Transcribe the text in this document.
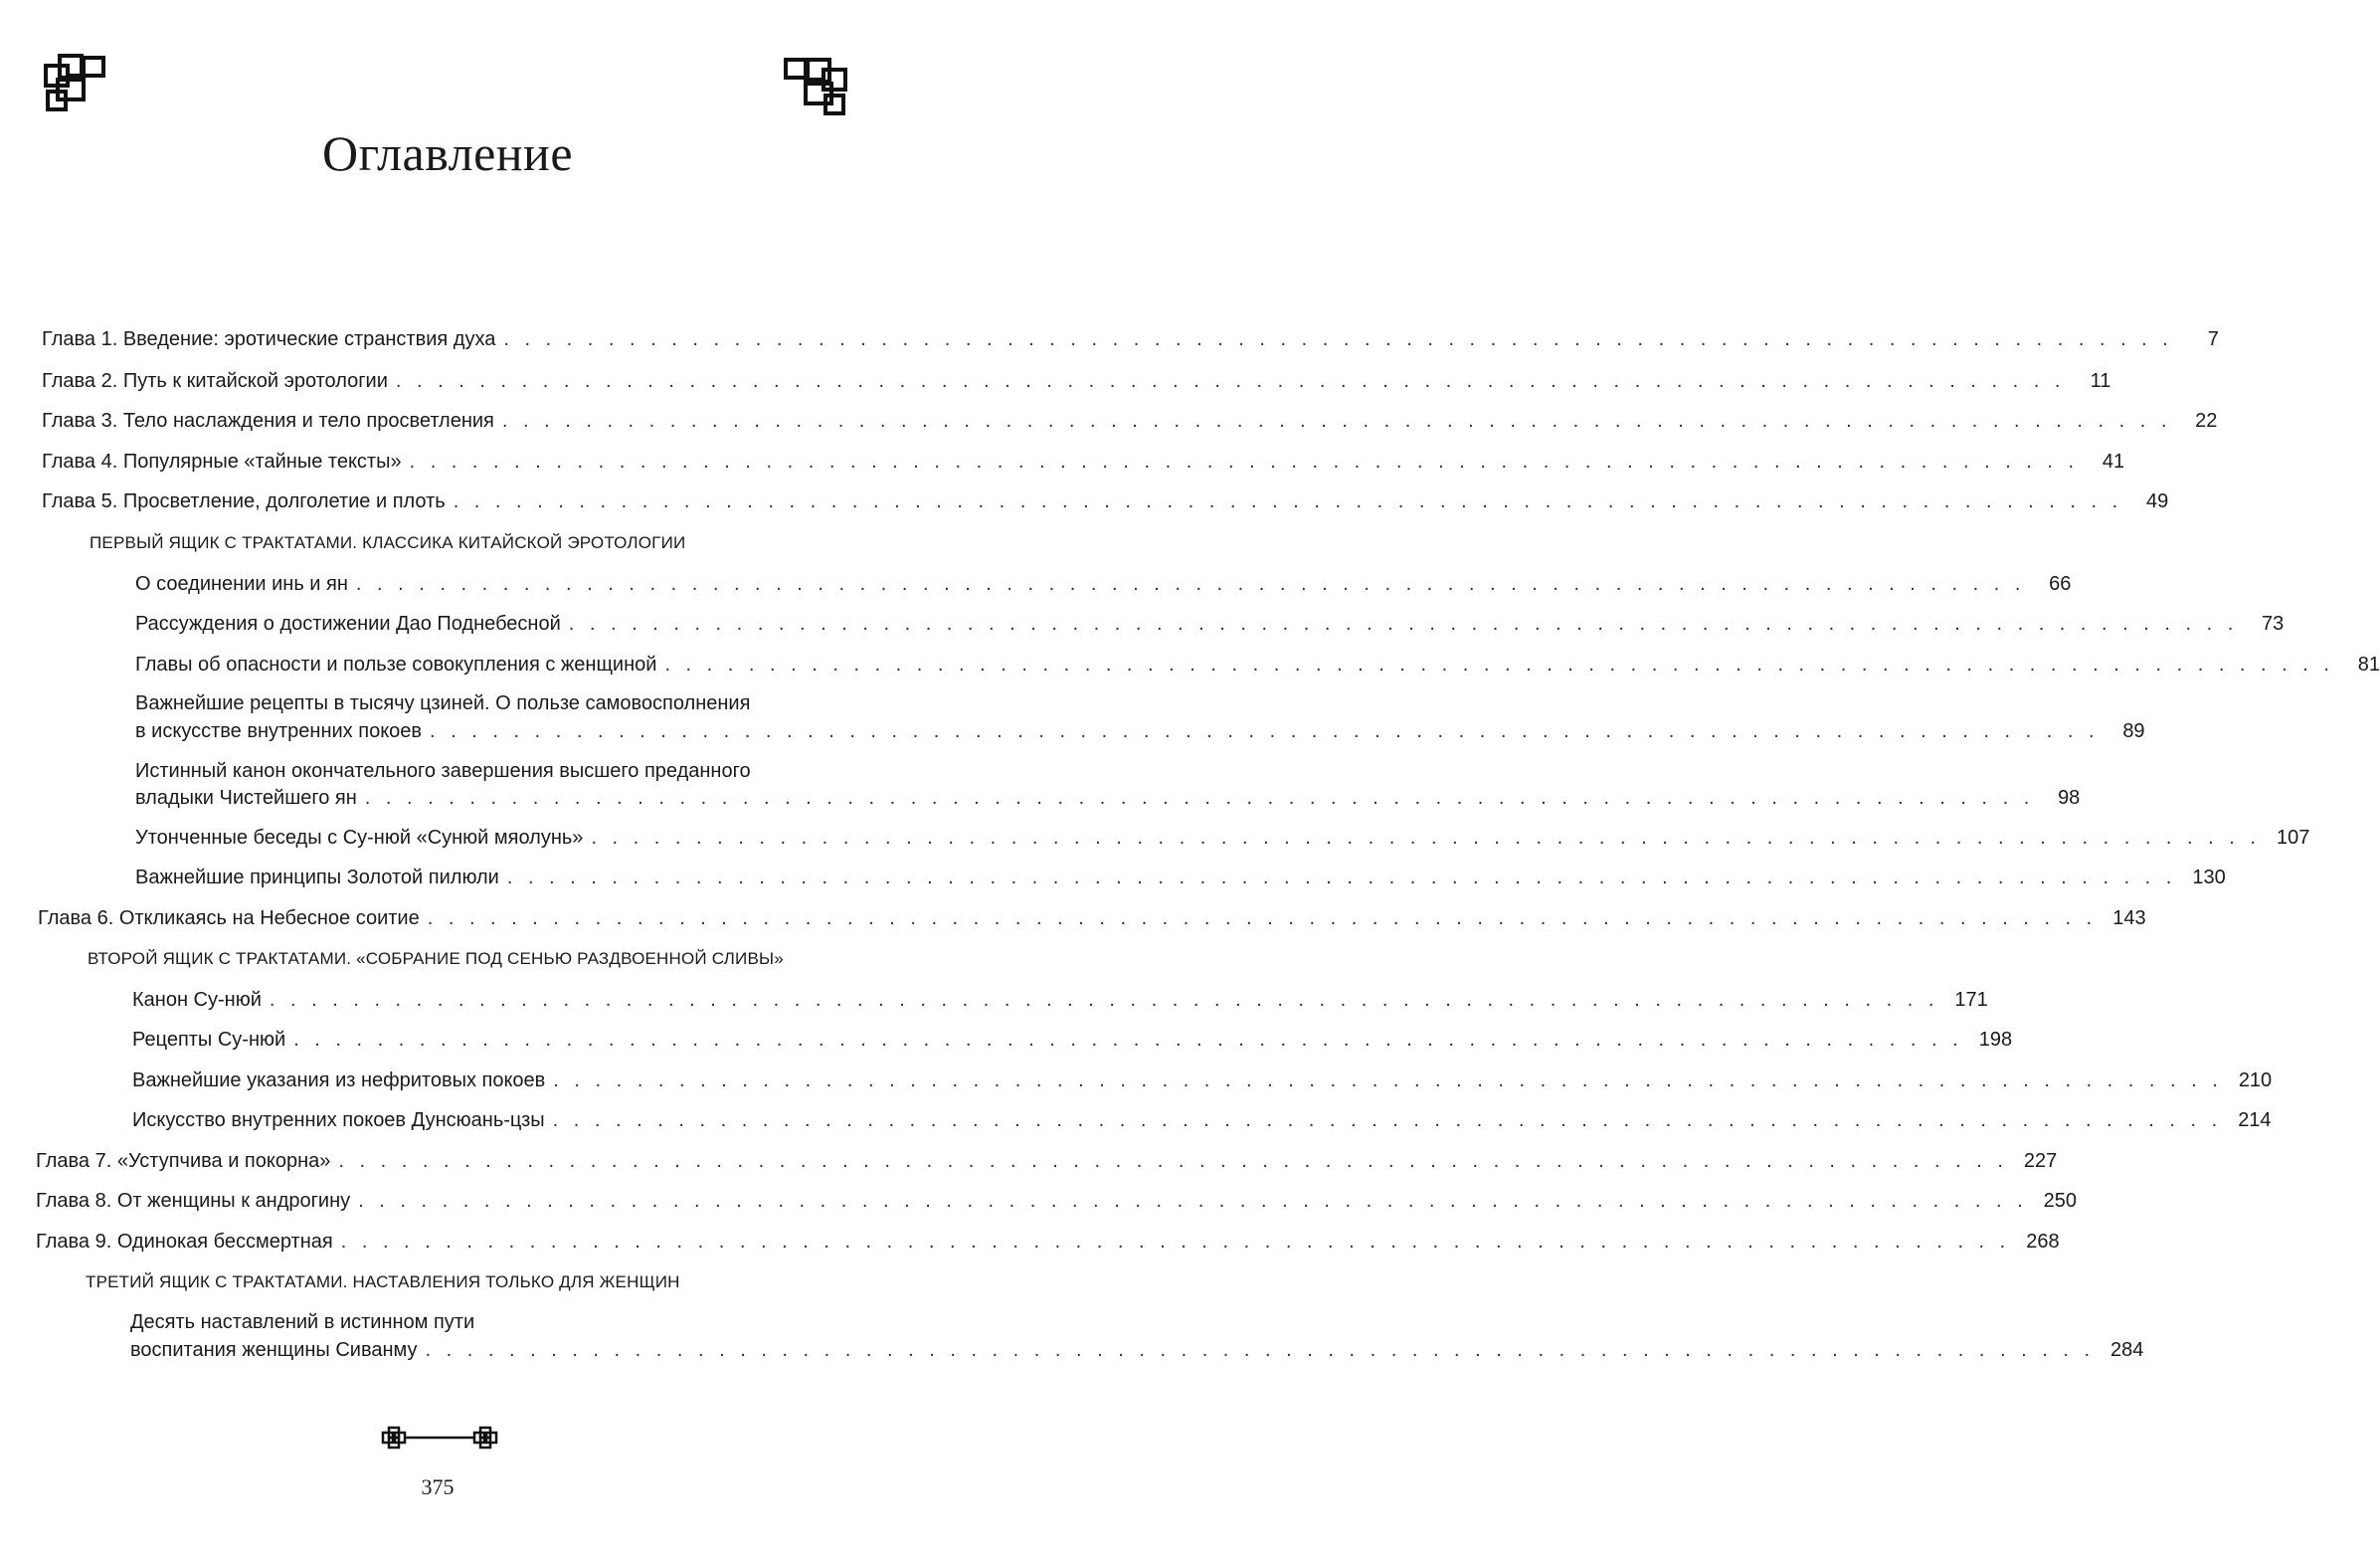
Оглавление
Глава 1. Введение: эротические странствия духа . . . . . . . . . . . . . . . . . . . . . . . . . . . . . . . . . . . . . . . . . . . . . . . . . . . . . . . . . . . . . . . . . . . . . . . . . . . . . . . .	7
Глава 2. Путь к китайской эротологии . . . . . . . . . . . . . . . . . . . . . . . . . . . . . . . . . . . . . . . . . . . . . . . . . . . . . . . . . . . . . . . . . . . . . . . . . . . . . . . .	11
Глава 3. Тело наслаждения и тело просветления . . . . . . . . . . . . . . . . . . . . . . . . . . . . . . . . . . . . . . . . . . . . . . . . . . . . . . . . . . . . . . . . . . . . . . . . . . . . . . . .	22
Глава 4. Популярные «тайные тексты» . . . . . . . . . . . . . . . . . . . . . . . . . . . . . . . . . . . . . . . . . . . . . . . . . . . . . . . . . . . . . . . . . . . . . . . . . . . . . . . .	41
Глава 5. Просветление, долголетие и плоть . . . . . . . . . . . . . . . . . . . . . . . . . . . . . . . . . . . . . . . . . . . . . . . . . . . . . . . . . . . . . . . . . . . . . . . . . . . . . . . .	49
ПЕРВЫЙ ЯЩИК С ТРАКТАТАМИ. КЛАССИКА КИТАЙСКОЙ ЭРОТОЛОГИИ
О соединении инь и ян . . . . . . . . . . . . . . . . . . . . . . . . . . . . . . . . . . . . . . . . . . . . . . . . . . . . . . . . . . . . . . . . . . . . . . . . . . . . . . . .	66
Рассуждения о достижении Дао Поднебесной . . . . . . . . . . . . . . . . . . . . . . . . . . . . . . . . . . . . . . . . . . . . . . . . . . . . . . . . . . . . . . . . . . . . . . . . . . . . . . . .	73
Главы об опасности и пользе совокупления с женщиной . . . . . . . . . . . . . . . . . . . . . . . . . . . . . . . . . . . . . . . . . . . . . . . . . . . . . . . . . . . . . . . . . . . . . . . . . . . . . . . .	81
Важнейшие рецепты в тысячу цзиней. О пользе самовосполнения
в искусстве внутренних покоев . . . . . . . . . . . . . . . . . . . . . . . . . . . . . . . . . . . . . . . . . . . . . . . . . . . . . . . . . . . . . . . . . . . . . . . . . . . . . . . .	89
Истинный канон окончательного завершения высшего преданного
владыки Чистейшего ян . . . . . . . . . . . . . . . . . . . . . . . . . . . . . . . . . . . . . . . . . . . . . . . . . . . . . . . . . . . . . . . . . . . . . . . . . . . . . . . .	98
Утонченные беседы с Су-нюй «Сунюй мяолунь» . . . . . . . . . . . . . . . . . . . . . . . . . . . . . . . . . . . . . . . . . . . . . . . . . . . . . . . . . . . . . . . . . . . . . . . . . . . . . . . . 107
Важнейшие принципы Золотой пилюли . . . . . . . . . . . . . . . . . . . . . . . . . . . . . . . . . . . . . . . . . . . . . . . . . . . . . . . . . . . . . . . . . . . . . . . . . . . . . . . . 130
Глава 6. Откликаясь на Небесное соитие . . . . . . . . . . . . . . . . . . . . . . . . . . . . . . . . . . . . . . . . . . . . . . . . . . . . . . . . . . . . . . . . . . . . . . . . . . . . . . . . 143
ВТОРОЙ ЯЩИК С ТРАКТАТАМИ. «СОБРАНИЕ ПОД СЕНЬЮ РАЗДВОЕННОЙ СЛИВЫ»
Канон Су-нюй . . . . . . . . . . . . . . . . . . . . . . . . . . . . . . . . . . . . . . . . . . . . . . . . . . . . . . . . . . . . . . . . . . . . . . . . . . . . . . . . 171
Рецепты Су-нюй . . . . . . . . . . . . . . . . . . . . . . . . . . . . . . . . . . . . . . . . . . . . . . . . . . . . . . . . . . . . . . . . . . . . . . . . . . . . . . . . 198
Важнейшие указания из нефритовых покоев . . . . . . . . . . . . . . . . . . . . . . . . . . . . . . . . . . . . . . . . . . . . . . . . . . . . . . . . . . . . . . . . . . . . . . . . . . . . . . . . 210
Искусство внутренних покоев Дунсюань-цзы . . . . . . . . . . . . . . . . . . . . . . . . . . . . . . . . . . . . . . . . . . . . . . . . . . . . . . . . . . . . . . . . . . . . . . . . . . . . . . . . 214
Глава 7. «Уступчива и покорна» . . . . . . . . . . . . . . . . . . . . . . . . . . . . . . . . . . . . . . . . . . . . . . . . . . . . . . . . . . . . . . . . . . . . . . . . . . . . . . . . 227
Глава 8. От женщины к андрогину . . . . . . . . . . . . . . . . . . . . . . . . . . . . . . . . . . . . . . . . . . . . . . . . . . . . . . . . . . . . . . . . . . . . . . . . . . . . . . . . 250
Глава 9. Одинокая бессмертная . . . . . . . . . . . . . . . . . . . . . . . . . . . . . . . . . . . . . . . . . . . . . . . . . . . . . . . . . . . . . . . . . . . . . . . . . . . . . . . . 268
ТРЕТИЙ ЯЩИК С ТРАКТАТАМИ. НАСТАВЛЕНИЯ ТОЛЬКО ДЛЯ ЖЕНЩИН
Десять наставлений в истинном пути
воспитания женщины Сиванму . . . . . . . . . . . . . . . . . . . . . . . . . . . . . . . . . . . . . . . . . . . . . . . . . . . . . . . . . . . . . . . . . . . . . . . . . . . . . . . . 284
375
